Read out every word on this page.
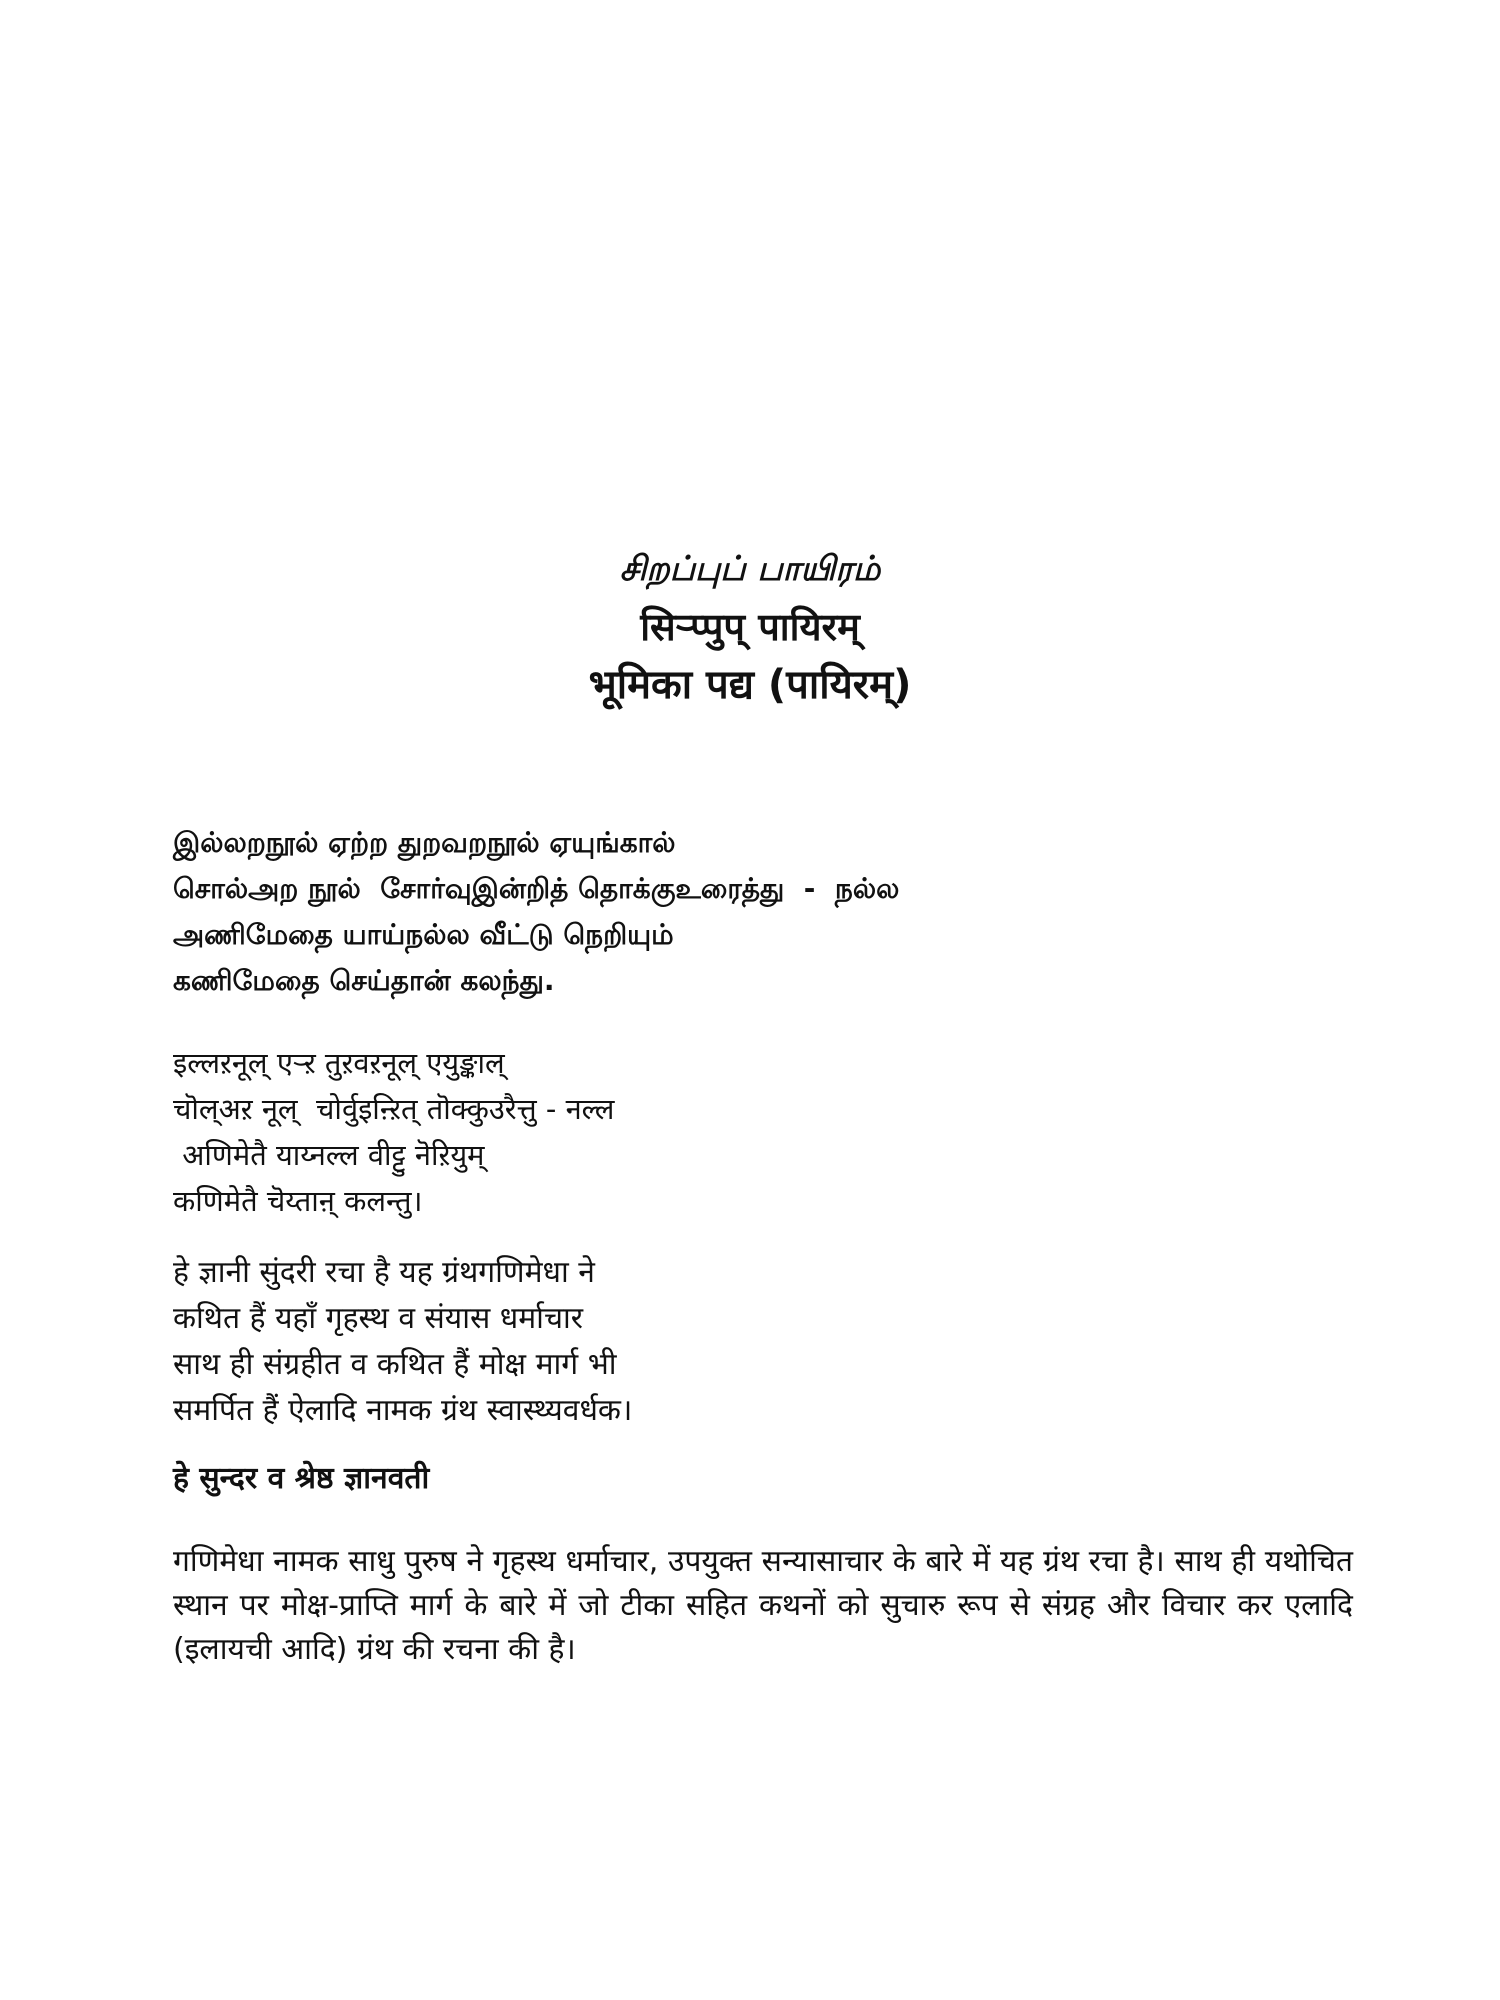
சிறப்புப் பாயிரம்

सिऱ्प्पुप् पायिरम्

भूमिका पद्य (पायिरम्)

இல்லறநூல் ஏற்ற துறவறநூல் ஏயுங்கால்

சொல்அற நூல்  சோர்வுஇன்றித் தொக்குஉரைத்து  -  நல்ல

அணிமேதை யாய்நல்ல வீட்டு நெறியும்

கணிமேதை செய்தான் கலந்து.

इल्लऱनूल् एऱ्ऱ तुऱवऱनूल् एयुङ्काल्

चॊल्अऱ नूल्  चोर्वुइऩ्ऱित् तॊक्कुउरैत्तु - नल्ल

अणिमेतै याय्नल्ल वीट्टु नॆऱियुम्

कणिमेतै चॆय्ताऩ् कलन्तु।

हे ज्ञानी सुंदरी रचा है यह ग्रंथगणिमेधा ने

कथित हैं यहाँ गृहस्थ व संयास धर्माचार

साथ ही संग्रहीत व कथित हैं मोक्ष मार्ग भी

समर्पित हैं ऐलादि नामक ग्रंथ स्वास्थ्यवर्धक।

हे सुन्दर व श्रेष्ठ ज्ञानवती

गणिमेधा नामक साधु पुरुष ने गृहस्थ धर्माचार, उपयुक्त सन्यासाचार के बारे में यह ग्रंथ रचा है। साथ ही यथोचित स्थान पर मोक्ष-प्राप्ति मार्ग के बारे में जो टीका सहित कथनों को सुचारु रूप से संग्रह और विचार कर एलादि (इलायची आदि) ग्रंथ की रचना की है।
